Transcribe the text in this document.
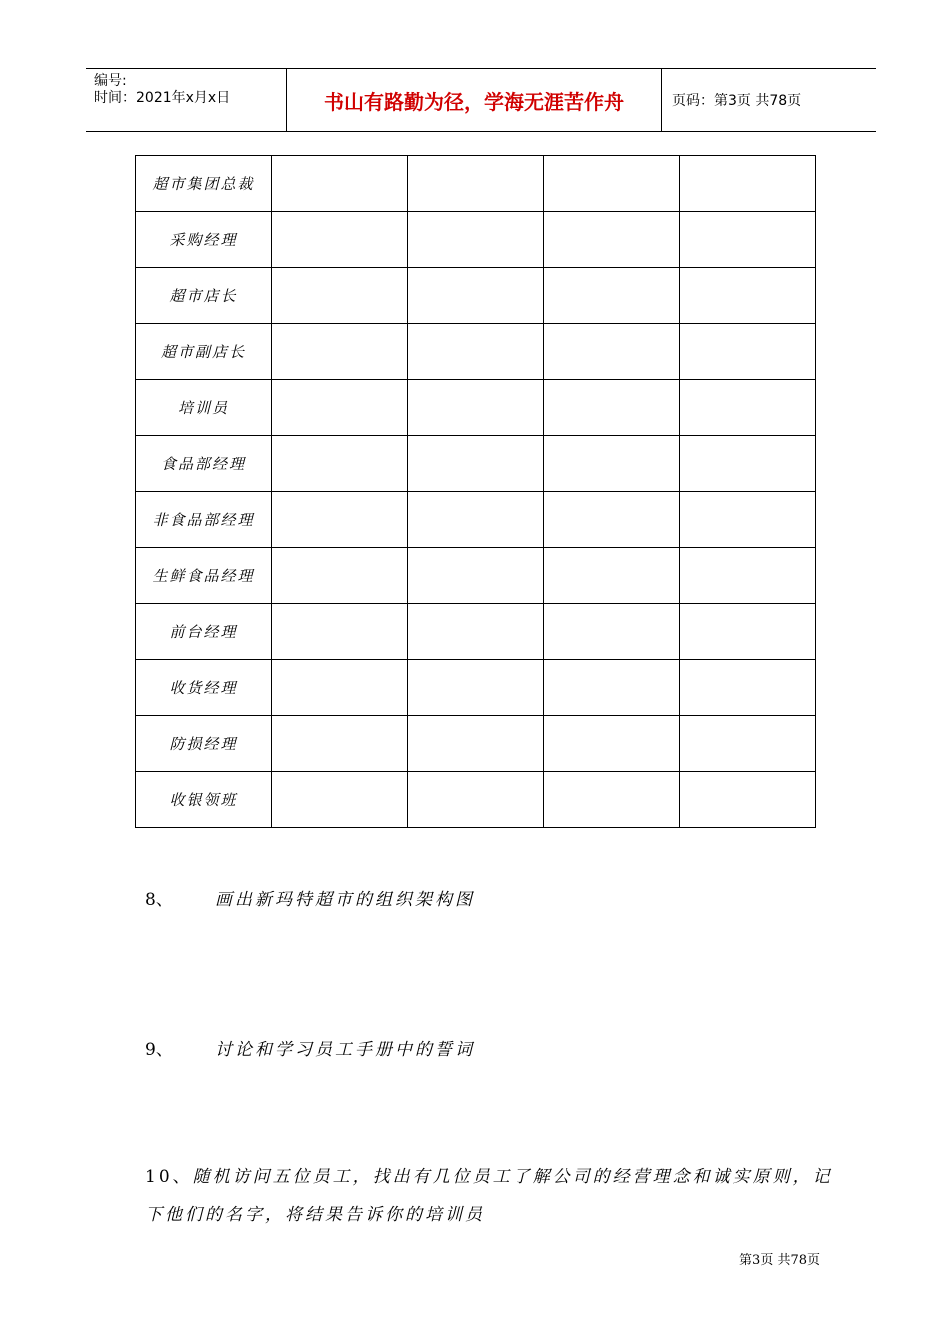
编号:
时间：2021年x月x日	书山有路勤为径，学海无涯苦作舟	页码：第3页 共78页
超市集团总裁				
采购经理				
超市店长				
超市副店长				
培训员				
食品部经理				
非食品部经理				
生鲜食品经理				
前台经理				
收货经理				
防损经理				
收银领班				
8、 画出新玛特超市的组织架构图
9、 讨论和学习员工手册中的誓词
10、随机访问五位员工，找出有几位员工了解公司的经营理念和诚实原则，记下他们的名字，将结果告诉你的培训员
第3页 共78页
